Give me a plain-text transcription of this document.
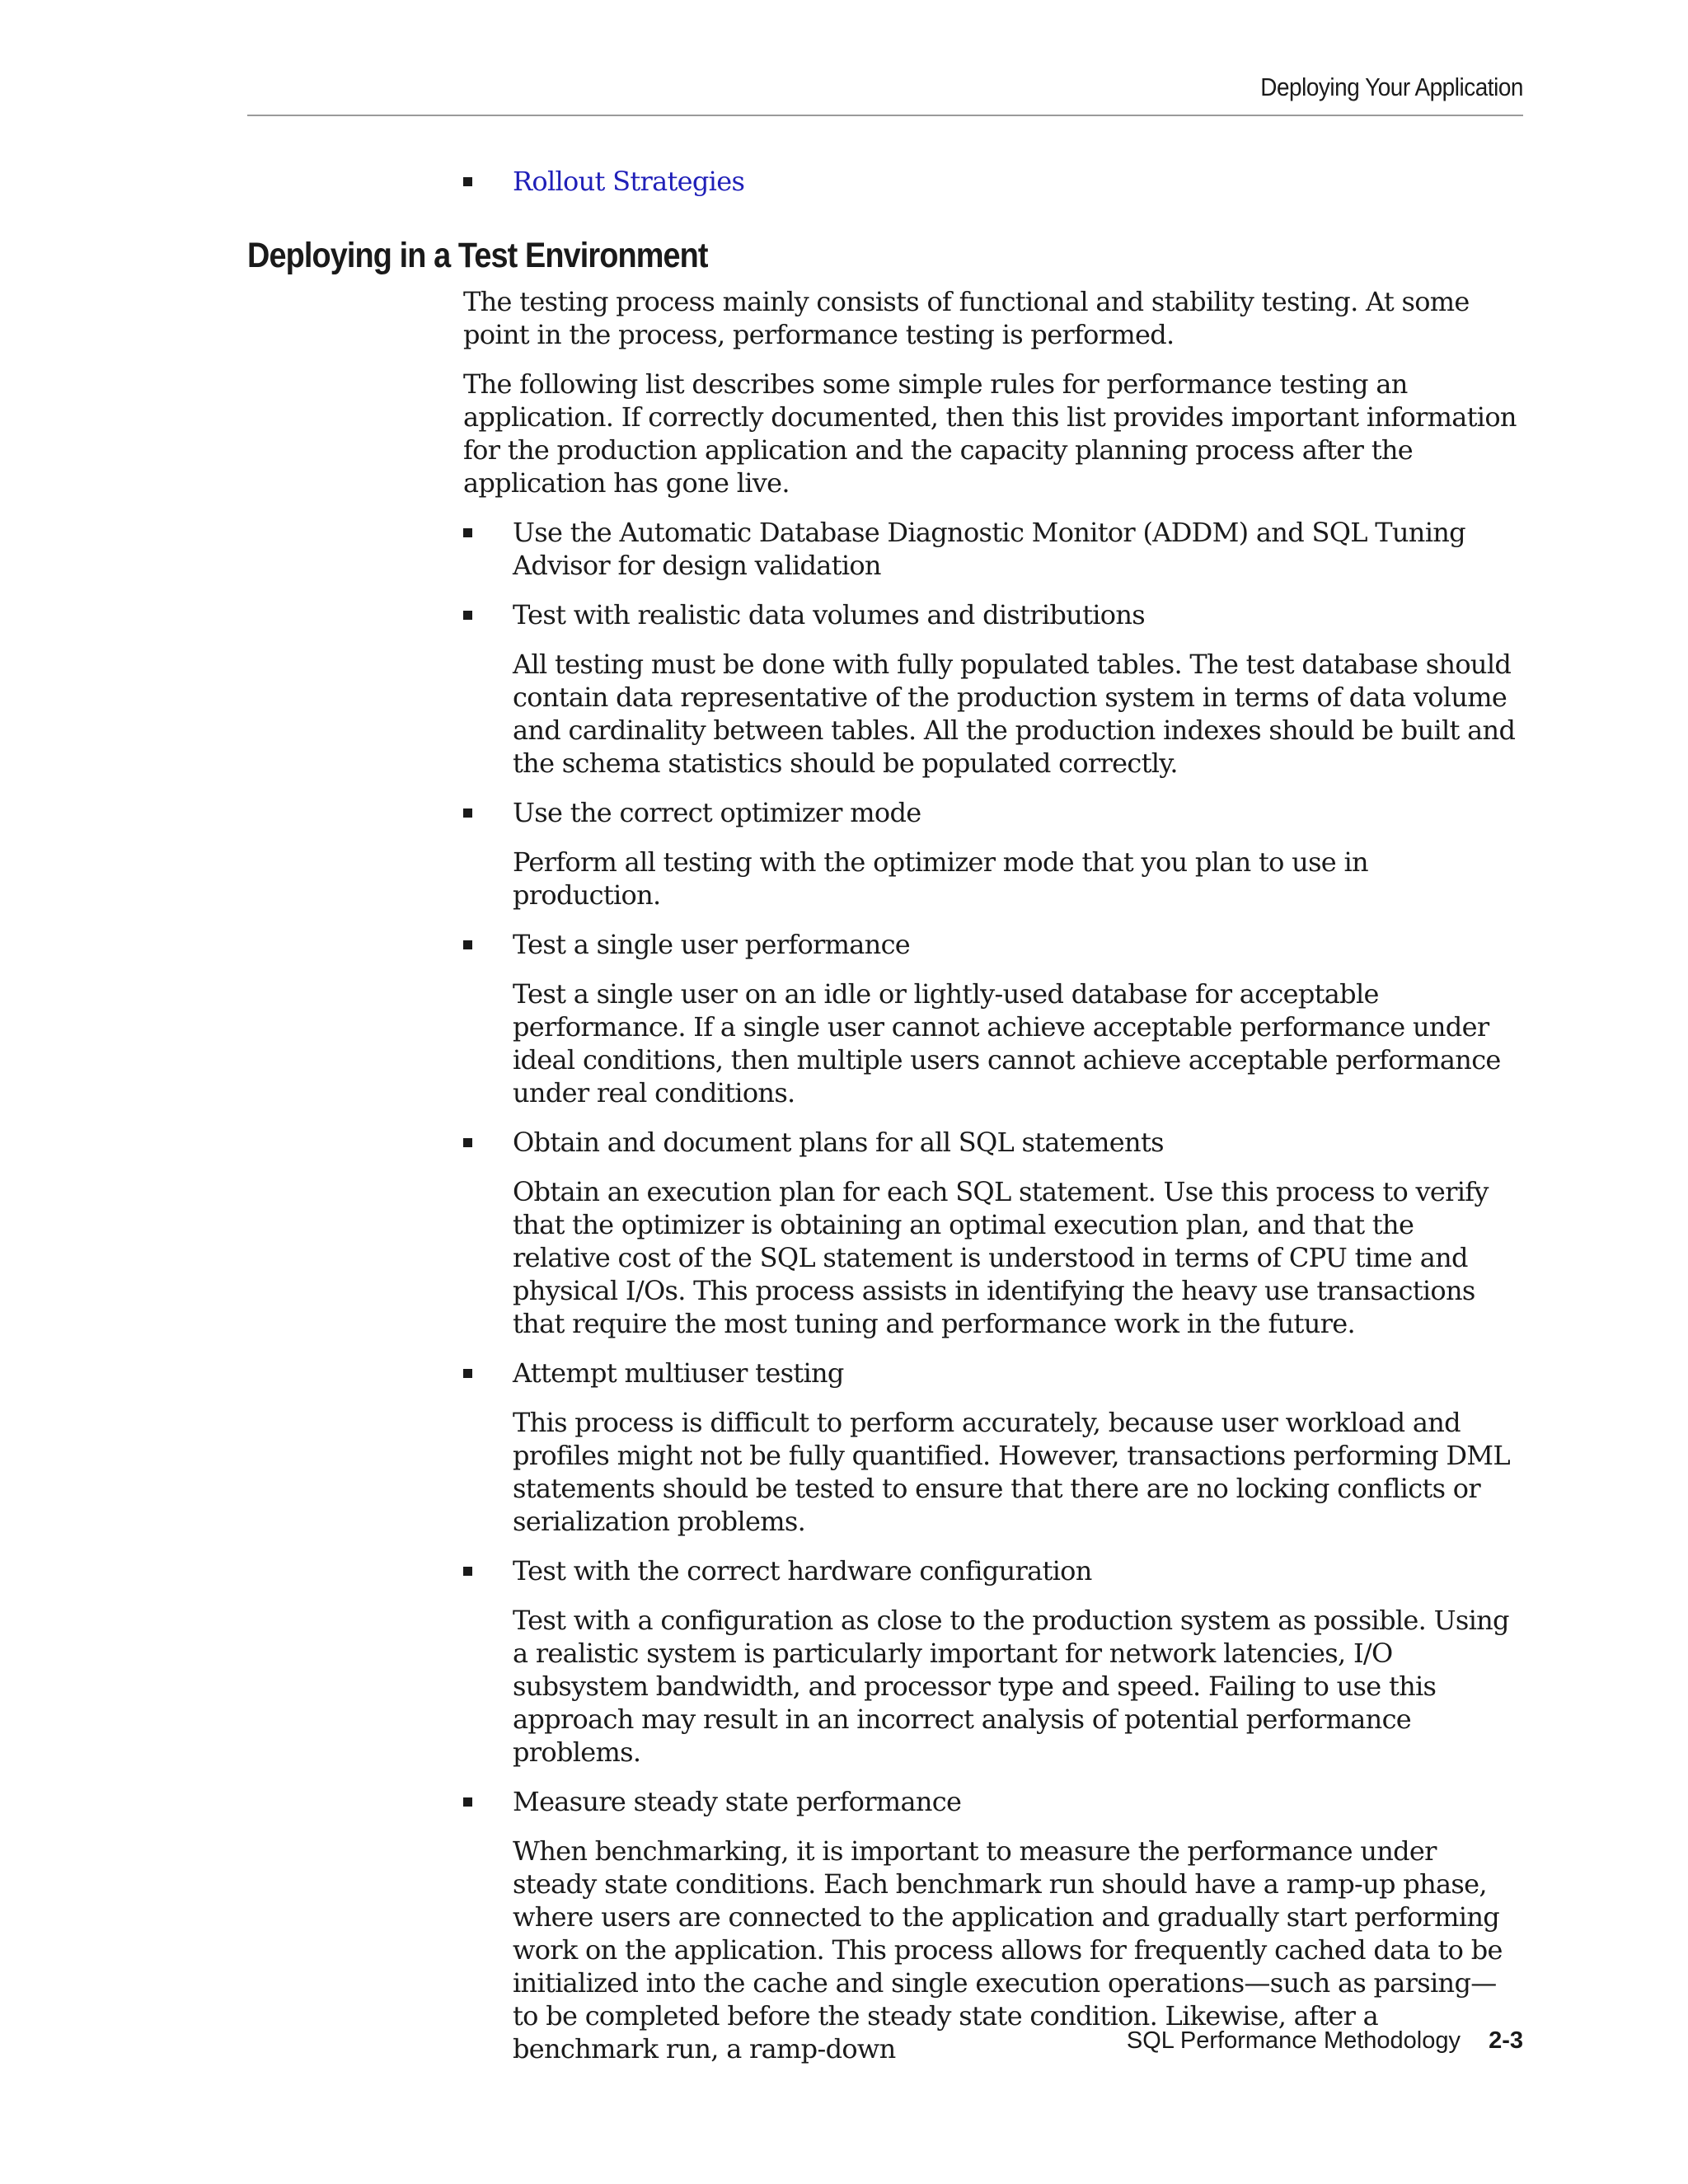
Deploying Your Application
Rollout Strategies
Deploying in a Test Environment

The testing process mainly consists of functional and stability testing. At some point in the process, performance testing is performed.

The following list describes some simple rules for performance testing an application. If correctly documented, then this list provides important information for the production application and the capacity planning process after the application has gone live.

Use the Automatic Database Diagnostic Monitor (ADDM) and SQL Tuning Advisor for design validation
Test with realistic data volumes and distributions

All testing must be done with fully populated tables. The test database should contain data representative of the production system in terms of data volume and cardinality between tables. All the production indexes should be built and the schema statistics should be populated correctly.

Use the correct optimizer mode

Perform all testing with the optimizer mode that you plan to use in production.

Test a single user performance

Test a single user on an idle or lightly-used database for acceptable performance. If a single user cannot achieve acceptable performance under ideal conditions, then multiple users cannot achieve acceptable performance under real conditions.

Obtain and document plans for all SQL statements

Obtain an execution plan for each SQL statement. Use this process to verify that the optimizer is obtaining an optimal execution plan, and that the relative cost of the SQL statement is understood in terms of CPU time and physical I/Os. This process assists in identifying the heavy use transactions that require the most tuning and performance work in the future.

Attempt multiuser testing

This process is difficult to perform accurately, because user workload and profiles might not be fully quantified. However, transactions performing DML statements should be tested to ensure that there are no locking conflicts or serialization problems.

Test with the correct hardware configuration

Test with a configuration as close to the production system as possible. Using a realistic system is particularly important for network latencies, I/O subsystem bandwidth, and processor type and speed. Failing to use this approach may result in an incorrect analysis of potential performance problems.

Measure steady state performance

When benchmarking, it is important to measure the performance under steady state conditions. Each benchmark run should have a ramp-up phase, where users are connected to the application and gradually start performing work on the application. This process allows for frequently cached data to be initialized into the cache and single execution operations—such as parsing—to be completed before the steady state condition. Likewise, after a benchmark run, a ramp-down	SQL Performance Methodology 2-3
